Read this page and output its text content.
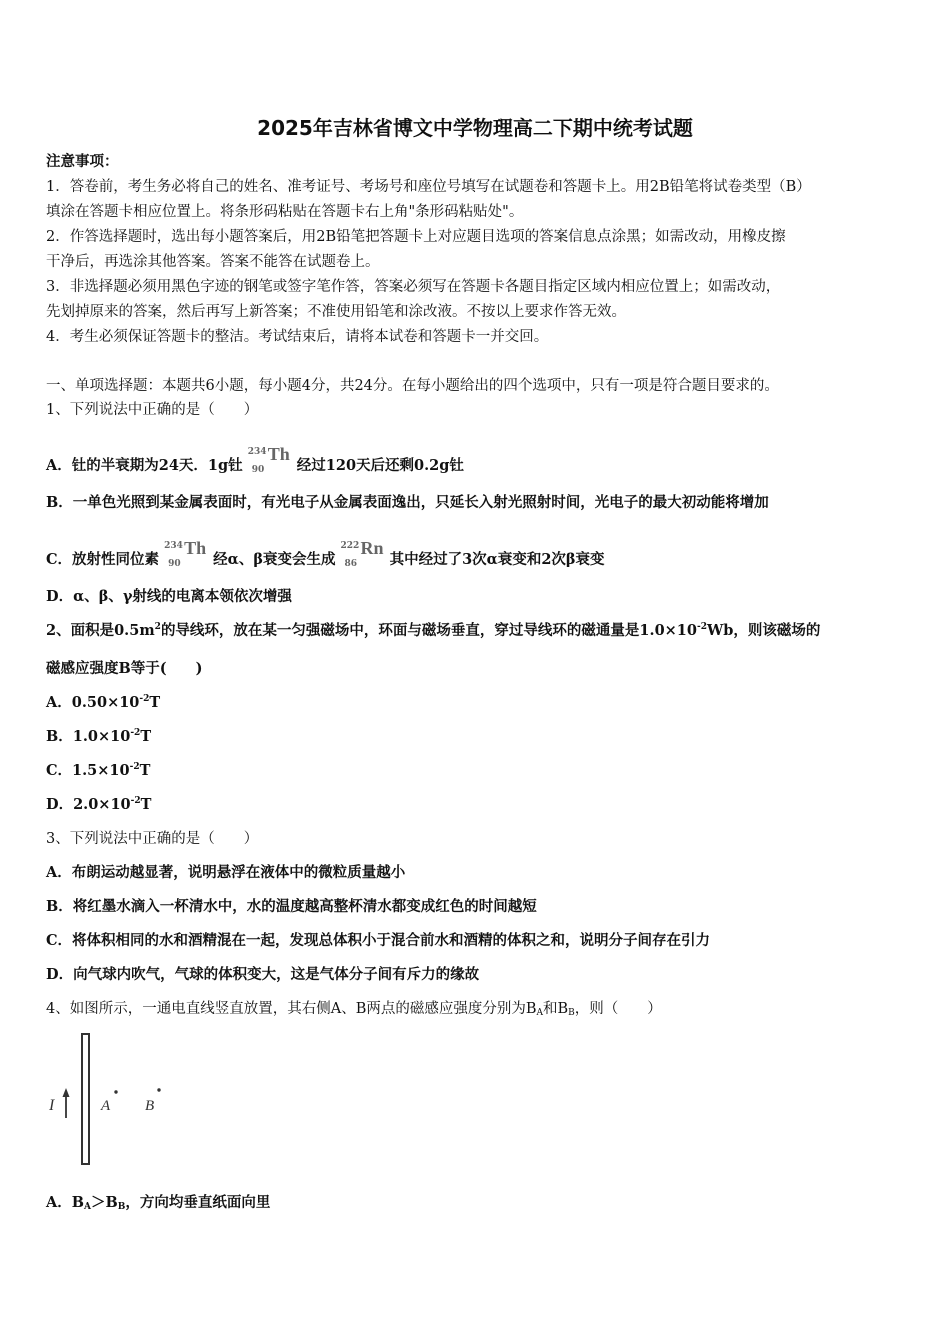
2025年吉林省博文中学物理高二下期中统考试题
注意事项：
1．答卷前，考生务必将自己的姓名、准考证号、考场号和座位号填写在试题卷和答题卡上。用2B铅笔将试卷类型（B）
填涂在答题卡相应位置上。将条形码粘贴在答题卡右上角"条形码粘贴处"。
2．作答选择题时，选出每小题答案后，用2B铅笔把答题卡上对应题目选项的答案信息点涂黑；如需改动，用橡皮擦
干净后，再选涂其他答案。答案不能答在试题卷上。
3．非选择题必须用黑色字迹的钢笔或签字笔作答，答案必须写在答题卡各题目指定区域内相应位置上；如需改动，
先划掉原来的答案，然后再写上新答案；不准使用铅笔和涂改液。不按以上要求作答无效。
4．考生必须保证答题卡的整洁。考试结束后，请将本试卷和答题卡一并交回。
一、单项选择题：本题共6小题，每小题4分，共24分。在每小题给出的四个选项中，只有一项是符合题目要求的。
1、下列说法中正确的是（　　）
A．钍的半衰期为24天．1g钍
234
90
Th
经过120天后还剩0.2g钍
B．一单色光照到某金属表面时，有光电子从金属表面逸出，只延长入射光照射时间，光电子的最大初动能将增加
C．放射性同位素
234
90
Th
经α、β衰变会生成
222
86
Rn
其中经过了3次α衰变和2次β衰变
D．α、β、γ射线的电离本领依次增强
2、面积是$0.5m^2$的导线环，放在某一匀强磁场中，环面与磁场垂直，穿过导线环的磁通量是$1.0\times 10^{-2}Wb$，则该磁场的
磁感应强度B等于(　　)
A．$0.50\times 10^{-2}T$
B．$1.0\times 10^{-2}T$
C．$1.5\times 10^{-2}T$
D．$2.0\times 10^{-2}T$
3、下列说法中正确的是（　　）
A．布朗运动越显著，说明悬浮在液体中的微粒质量越小
B．将红墨水滴入一杯清水中，水的温度越高整杯清水都变成红色的时间越短
C．将体积相同的水和酒精混在一起，发现总体积小于混合前水和酒精的体积之和，说明分子间存在引力
D．向气球内吹气，气球的体积变大，这是气体分子间有斥力的缘故
4、如图所示，一通电直线竖直放置，其右侧A、B两点的磁感应强度分别为$B_A$和$B_B$，则（　　）
I	A B
A．$B_A>B_B$，方向均垂直纸面向里
